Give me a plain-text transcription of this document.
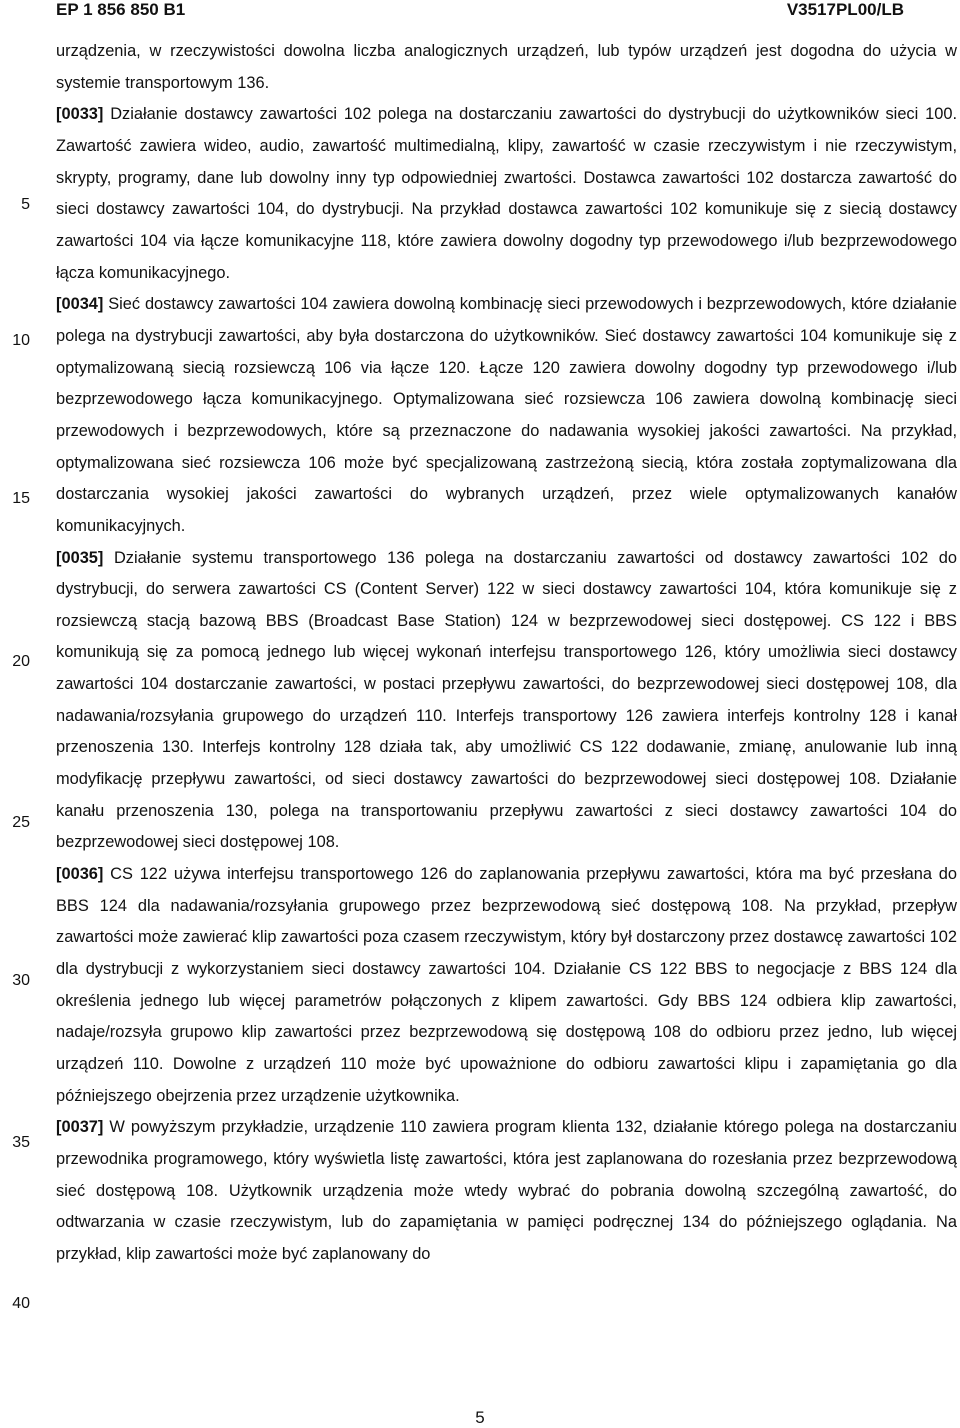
EP 1 856 850 B1	V3517PL00/LB
5
10
15
20
25
30
35
40

urządzenia, w rzeczywistości dowolna liczba analogicznych urządzeń, lub typów urządzeń jest dogodna do użycia w systemie transportowym 136.

[0033] Działanie dostawcy zawartości 102 polega na dostarczaniu zawartości do dystrybucji do użytkowników sieci 100. Zawartość zawiera wideo, audio, zawartość multimedialną, klipy, zawartość w czasie rzeczywistym i nie rzeczywistym, skrypty, programy, dane lub dowolny inny typ odpowiedniej zwartości. Dostawca zawartości 102 dostarcza zawartość do sieci dostawcy zawartości 104, do dystrybucji. Na przykład dostawca zawartości 102 komunikuje się z siecią dostawcy zawartości 104 via łącze komunikacyjne 118, które zawiera dowolny dogodny typ przewodowego i/lub bezprzewodowego łącza komunikacyjnego.

[0034] Sieć dostawcy zawartości 104 zawiera dowolną kombinację sieci przewodowych i bezprzewodowych, które działanie polega na dystrybucji zawartości, aby była dostarczona do użytkowników. Sieć dostawcy zawartości 104 komunikuje się z optymalizowaną siecią rozsiewczą 106 via łącze 120. Łącze 120 zawiera dowolny dogodny typ przewodowego i/lub bezprzewodowego łącza komunikacyjnego. Optymalizowana sieć rozsiewcza 106 zawiera dowolną kombinację sieci przewodowych i bezprzewodowych, które są przeznaczone do nadawania wysokiej jakości zawartości. Na przykład, optymalizowana sieć rozsiewcza 106 może być specjalizowaną zastrzeżoną siecią, która została zoptymalizowana dla dostarczania wysokiej jakości zawartości do wybranych urządzeń, przez wiele optymalizowanych kanałów komunikacyjnych.

[0035] Działanie systemu transportowego 136 polega na dostarczaniu zawartości od dostawcy zawartości 102 do dystrybucji, do serwera zawartości CS (Content Server) 122 w sieci dostawcy zawartości 104, która komunikuje się z rozsiewczą stacją bazową BBS (Broadcast Base Station) 124 w bezprzewodowej sieci dostępowej. CS 122 i BBS komunikują się za pomocą jednego lub więcej wykonań interfejsu transportowego 126, który umożliwia sieci dostawcy zawartości 104 dostarczanie zawartości, w postaci przepływu zawartości, do bezprzewodowej sieci dostępowej 108, dla nadawania/rozsyłania grupowego do urządzeń 110. Interfejs transportowy 126 zawiera interfejs kontrolny 128 i kanał przenoszenia 130. Interfejs kontrolny 128 działa tak, aby umożliwić CS 122 dodawanie, zmianę, anulowanie lub inną modyfikację przepływu zawartości, od sieci dostawcy zawartości do bezprzewodowej sieci dostępowej 108. Działanie kanału przenoszenia 130, polega na transportowaniu przepływu zawartości z sieci dostawcy zawartości 104 do bezprzewodowej sieci dostępowej 108.

[0036] CS 122 używa interfejsu transportowego 126 do zaplanowania przepływu zawartości, która ma być przesłana do BBS 124 dla nadawania/rozsyłania grupowego przez bezprzewodową sieć dostępową 108. Na przykład, przepływ zawartości może zawierać klip zawartości poza czasem rzeczywistym, który był dostarczony przez dostawcę zawartości 102 dla dystrybucji z wykorzystaniem sieci dostawcy zawartości 104. Działanie CS 122 BBS to negocjacje z BBS 124 dla określenia jednego lub więcej parametrów połączonych z klipem zawartości. Gdy BBS 124 odbiera klip zawartości, nadaje/rozsyła grupowo klip zawartości przez bezprzewodową się dostępową 108 do odbioru przez jedno, lub więcej urządzeń 110. Dowolne z urządzeń 110 może być upoważnione do odbioru zawartości klipu i zapamiętania go dla późniejszego obejrzenia przez urządzenie użytkownika.

[0037] W powyższym przykładzie, urządzenie 110 zawiera program klienta 132, działanie którego polega na dostarczaniu przewodnika programowego, który wyświetla listę zawartości, która jest zaplanowana do rozesłania przez bezprzewodową sieć dostępową 108. Użytkownik urządzenia może wtedy wybrać do pobrania dowolną szczególną zawartość, do odtwarzania w czasie rzeczywistym, lub do zapamiętania w pamięci podręcznej 134 do późniejszego oglądania. Na przykład, klip zawartości może być zaplanowany do

5
